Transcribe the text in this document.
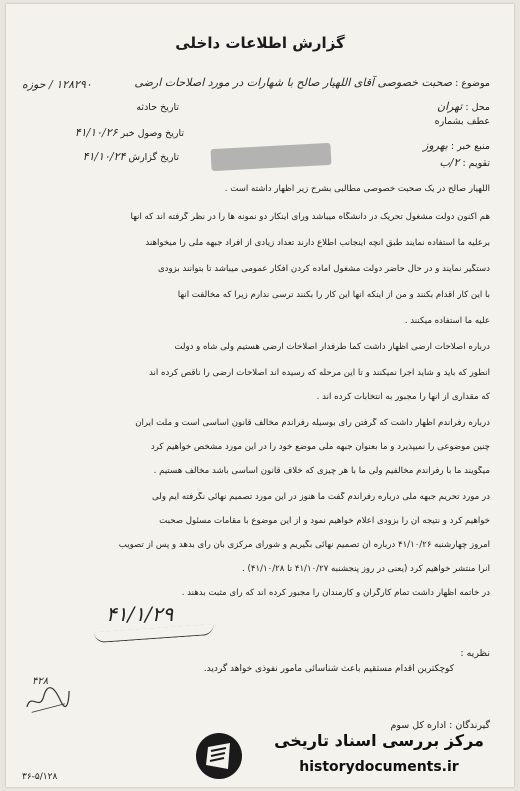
گزارش اطلاعات داخلی
موضوع : صحبت خصوصی آقای اللهیار صالح با شهارات در مورد اصلاحات ارضی
۱۲۸۲۹۰ / حوزه
محل : تهران
تاریخ حادثه
عطف بشماره
تاریخ وصول خبر ۴۱/۱۰/۲۶
منبع خبر : بهروز
تاریخ گزارش ۴۱/۱۰/۲۴
تقویم : ۲/ب
اللهیار صالح در یک صحبت خصوصی مطالبی بشرح زیر اظهار داشته است .
هم اکنون دولت مشغول تحریک در دانشگاه میباشد ورای اینکار دو نمونه ها را در نظر گرفته اند که آنها
برعلیه ما استفاده نمایند طبق آنچه اینجانب اطلاع دارند تعداد زیادی از افراد جبهه ملی را میخواهند
دستگیر نمایند و در حال حاضر دولت مشغول آماده کردن افکار عمومی میباشد تا بتوانند بزودی
با این کار اقدام بکنند و من از اینکه آنها این کار را بکنند ترسی ندارم زیرا که مخالفت آنها
علیه ما استفاده میکنند .
درباره اصلاحات ارضی اظهار داشت کما طرفدار اصلاحات ارضی هستیم ولی شاه و دولت
آنطور که باید و شاید اجرا نمیکنند و تا این مرحله که رسیده اند اصلاحات ارضی را ناقص کرده اند
که مقداری از آنها را مجبور به انتخابات کرده اند .
درباره رفراندم اظهار داشت که گرفتن رای بوسیله رفراندم مخالف قانون اساسی است و ملت ایران
چنین موضوعی را نمیپذیرد و ما بعنوان جبهه ملی موضع خود را در این مورد مشخص خواهیم کرد
میگویند ما با رفراندم مخالفیم ولی ما با هر چیزی که خلاف قانون اساسی باشد مخالف هستیم .
در مورد تحریم جبهه ملی درباره رفراندم گفت ما هنوز در این مورد تصمیم نهائی نگرفته ایم ولی
خواهیم کرد و نتیجه آن را بزودی اعلام خواهیم نمود و از این موضوع با مقامات مسئول صحبت
امروز چهارشنبه ۴۱/۱۰/۲۶ درباره آن تصمیم نهائی بگیریم و شورای مرکزی بآن رای بدهد و پس از تصویب
آنرا منتشر خواهیم کرد (یعنی در روز پنجشنبه ۴۱/۱۰/۲۷ تا ۴۱/۱۰/۲۸) .
در خاتمه اظهار داشت تمام کارگران و کارمندان را مجبور کرده اند که رای مثبت بدهند .
۴۱/۱/۲۹
نظریه :
کوچکترین اقدام مستقیم باعث شناسائی مامور نفوذی خواهد گردید.
۴۲۸
گیرندگان : اداره کل سوم
۳۶-۵/۱۲۸
مرکز بررسی اسناد تاریخی
historydocuments.ir
